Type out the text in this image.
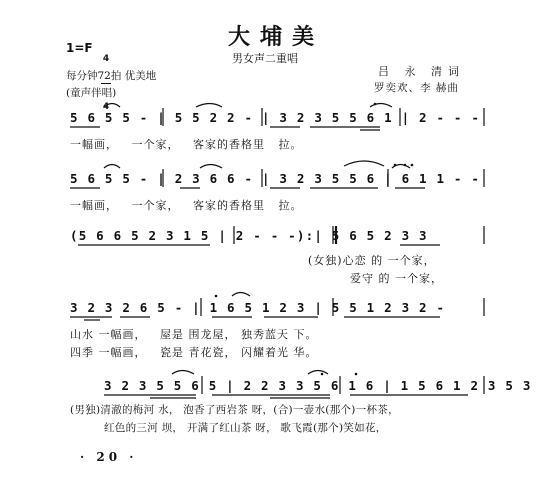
大埔美
男女声二重唱
1=F

4

4

每分钟72拍 优美地
(童声伴唱)
吕 永 清词
罗奕欢、李 赫曲
5 6 5 5 - | 5 5 2 2 - | 3 2 3 5 5 6 1 | 2 - - -
一幅画，   一个家，   客家的香格里   拉。
5 6 5 5 - | 2 3 6 6 - | 3 2 3 5 5 6 | 6 1 1 - -
一幅画，   一个家，   客家的香格里   拉。
(5 6 6 5 2 3 1 5 | 2 - - -):| 5 6 5 2 3 3
(女独)心恋 的 一个家，
爱守 的 一个家，
3 2 3 2 6 5 - | 1 6 5 1 2 3 | 5 5 1 2 3 2 -
山水 一幅画，   屋是 围龙屋， 独秀蓝天 下。
四季 一幅画，   瓷是 青花瓷， 闪耀着光 华。
3 2 3 5 5 6 5 | 2 2 3 3 5 6 1 6 | 1 5 6 1 2 3 5 3
(男独)清澈的梅河 水， 泡香了西岩茶 呀，(合)一壶水(那个)一杯茶，
红色的三河 坝， 开满了红山茶 呀， 歌飞霞(那个)笑如花，
· 20 ·
